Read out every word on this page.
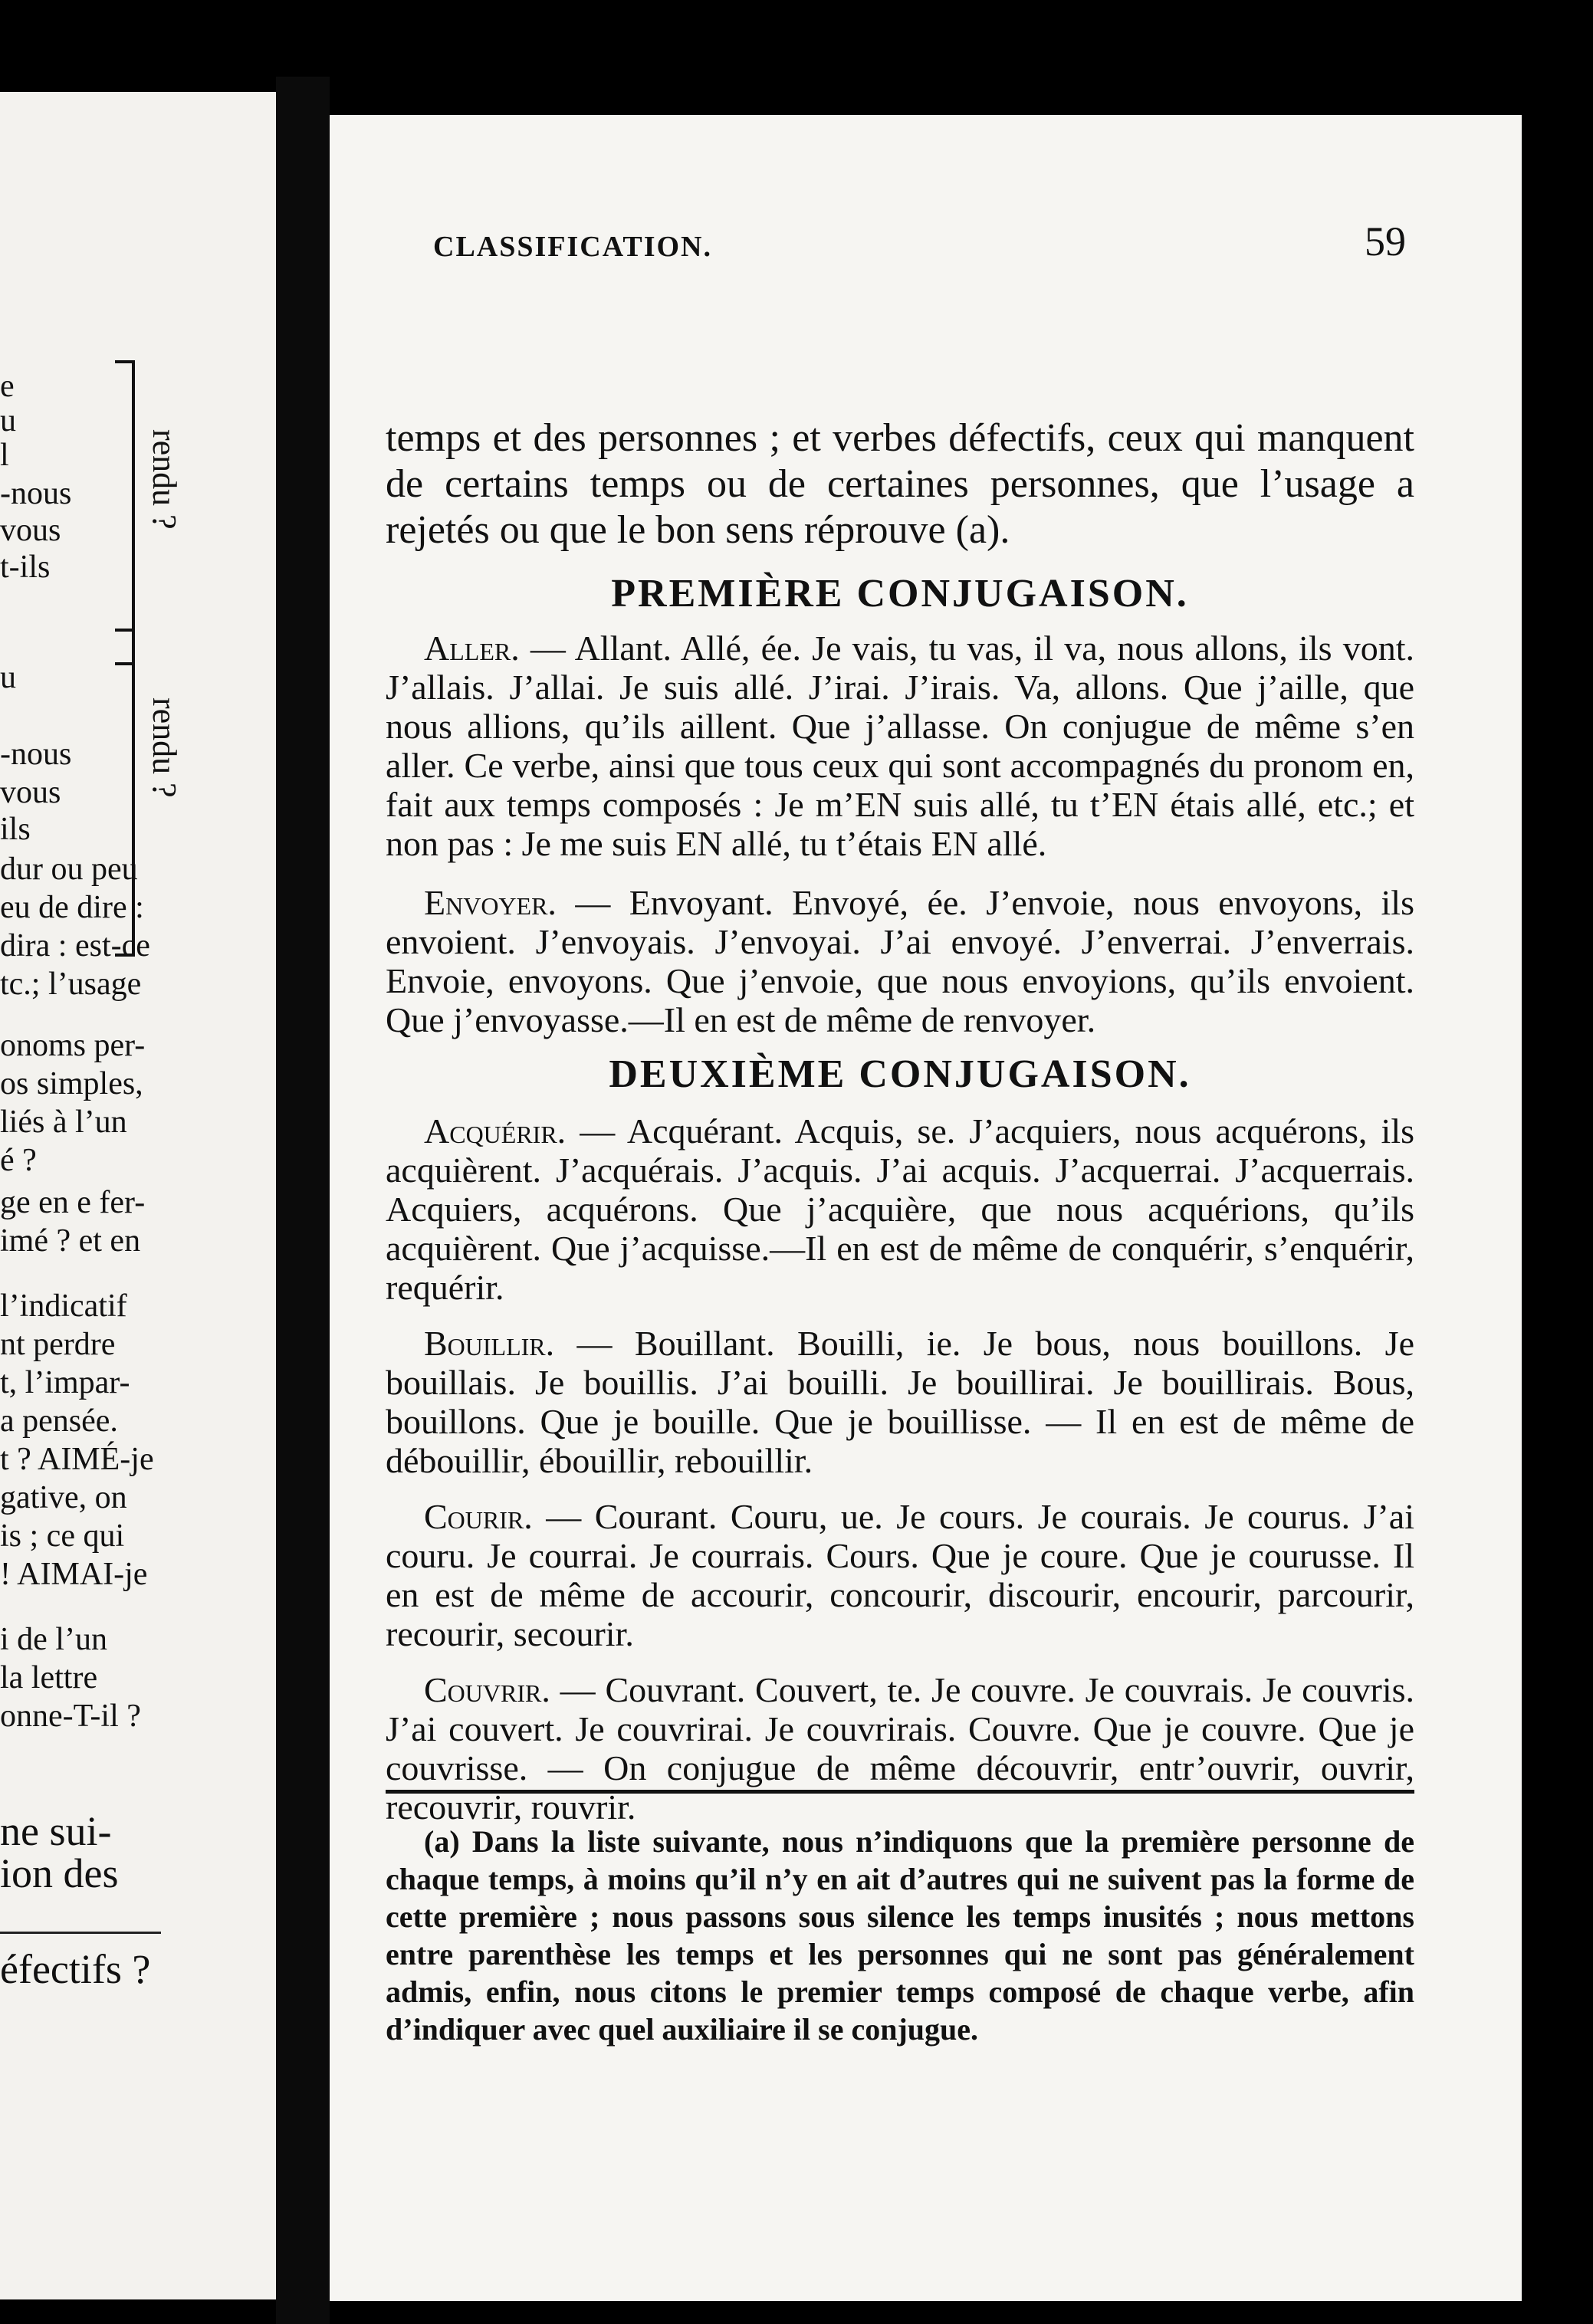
e
u
l
-nous
vous
t-ils
u
-nous
vous
ils
dur ou peu
eu de dire :
dira : est-ce
tc.; l’usage
onoms per-
os simples,
liés à l’un
é ?
ge en e fer-
imé ? et en
l’indicatif
nt perdre
t, l’impar-
a pensée.
t ? AIMÉ-je
gative, on
is ; ce qui
! AIMAI-je
i de l’un
la lettre
onne-T-il ?
ne sui-
ion des
éfectifs ?
rendu ?
rendu ?
CLASSIFICATION.	59

temps et des personnes ; et verbes défectifs, ceux qui manquent de certains temps ou de certaines personnes, que l’usage a rejetés ou que le bon sens réprouve (a).

PREMIÈRE CONJUGAISON.

Aller. — Allant. Allé, ée. Je vais, tu vas, il va, nous allons, ils vont. J’allais. J’allai. Je suis allé. J’irai. J’irais. Va, allons. Que j’aille, que nous allions, qu’ils aillent. Que j’allasse. On conjugue de même s’en aller. Ce verbe, ainsi que tous ceux qui sont accompagnés du pronom en, fait aux temps composés : Je m’EN suis allé, tu t’EN étais allé, etc.; et non pas : Je me suis EN allé, tu t’étais EN allé.

Envoyer. — Envoyant. Envoyé, ée. J’envoie, nous envoyons, ils envoient. J’envoyais. J’envoyai. J’ai envoyé. J’enverrai. J’enverrais. Envoie, envoyons. Que j’envoie, que nous envoyions, qu’ils envoient. Que j’envoyasse.—Il en est de même de renvoyer.

DEUXIÈME CONJUGAISON.

Acquérir. — Acquérant. Acquis, se. J’acquiers, nous acquérons, ils acquièrent. J’acquérais. J’acquis. J’ai acquis. J’acquerrai. J’acquerrais. Acquiers, acquérons. Que j’acquière, que nous acquérions, qu’ils acquièrent. Que j’acquisse.—Il en est de même de conquérir, s’enquérir, requérir.

Bouillir. — Bouillant. Bouilli, ie. Je bous, nous bouillons. Je bouillais. Je bouillis. J’ai bouilli. Je bouillirai. Je bouillirais. Bous, bouillons. Que je bouille. Que je bouillisse. — Il en est de même de débouillir, ébouillir, rebouillir.

Courir. — Courant. Couru, ue. Je cours. Je courais. Je courus. J’ai couru. Je courrai. Je courrais. Cours. Que je coure. Que je courusse. Il en est de même de accourir, concourir, discourir, encourir, parcourir, recourir, secourir.

Couvrir. — Couvrant. Couvert, te. Je couvre. Je couvrais. Je couvris. J’ai couvert. Je couvrirai. Je couvrirais. Couvre. Que je couvre. Que je couvrisse. — On conjugue de même découvrir, entr’ouvrir, ouvrir, recouvrir, rouvrir.

(a) Dans la liste suivante, nous n’indiquons que la première personne de chaque temps, à moins qu’il n’y en ait d’autres qui ne suivent pas la forme de cette première ; nous passons sous silence les temps inusités ; nous mettons entre parenthèse les temps et les personnes qui ne sont pas généralement admis, enfin, nous citons le premier temps composé de chaque verbe, afin d’indiquer avec quel auxiliaire il se conjugue.
